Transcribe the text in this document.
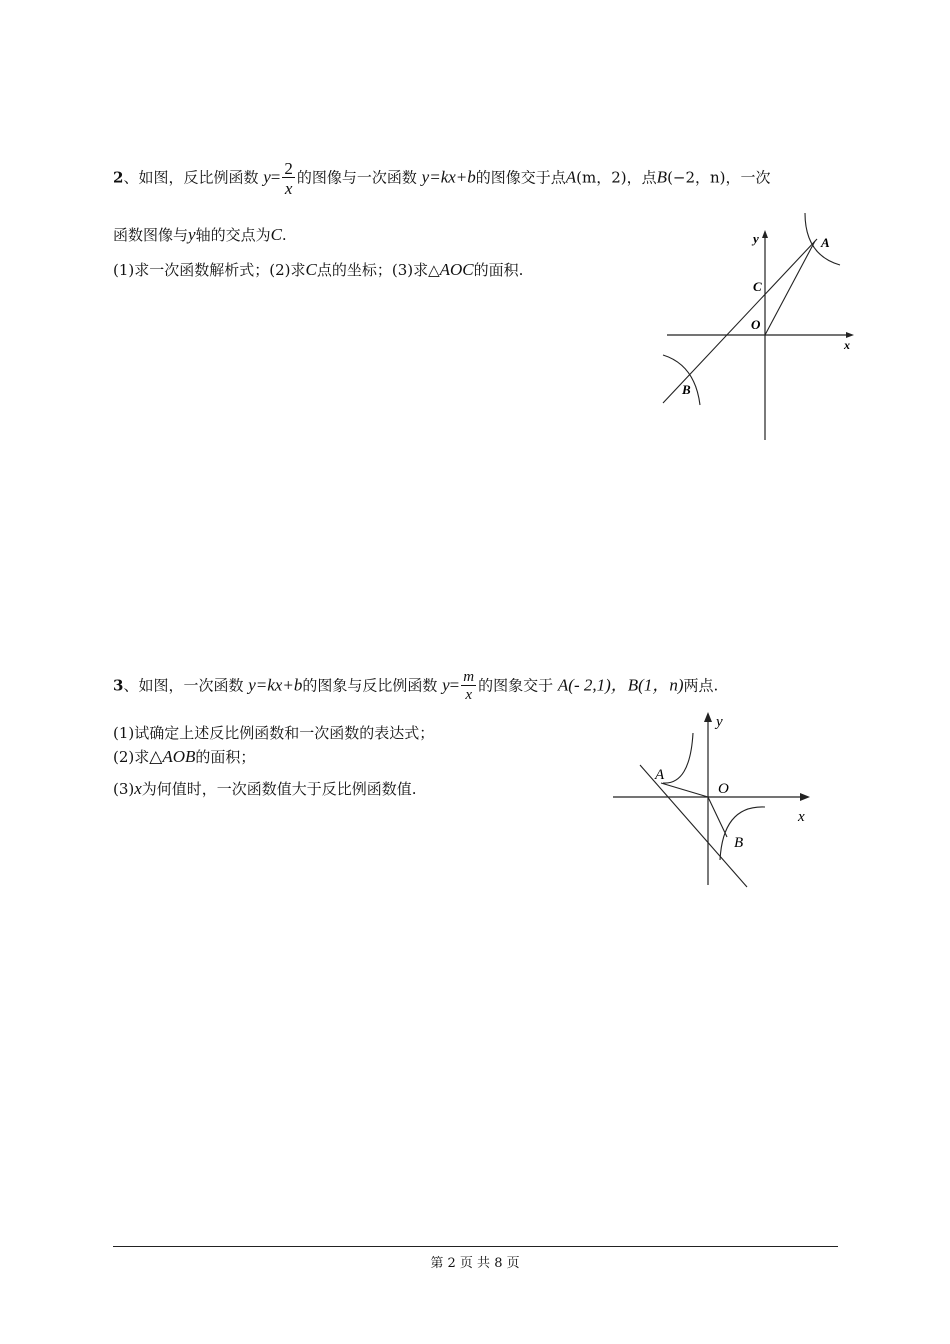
2、如图，反比例函数 $y= \frac{2}{x}$ 的图像与一次函数 y=kx+b的图像交于点A(m，2)，点B(−2，n)，一次
函数图像与y轴的交点为C.
(1)求一次函数解析式；(2)求C点的坐标；(3)求△AOC的面积.
y
x
A
B
C
O
3、如图，一次函数 y=kx+b的图象与反比例函数 $y= \frac{m}{x}$ 的图象交于 A(- 2,1)，B(1，n)两点.
(1)试确定上述反比例函数和一次函数的表达式；
(2)求△AOB的面积；
(3)x为何值时，一次函数值大于反比例函数值.
y
x
A
B
O
第 2 页 共 8 页
